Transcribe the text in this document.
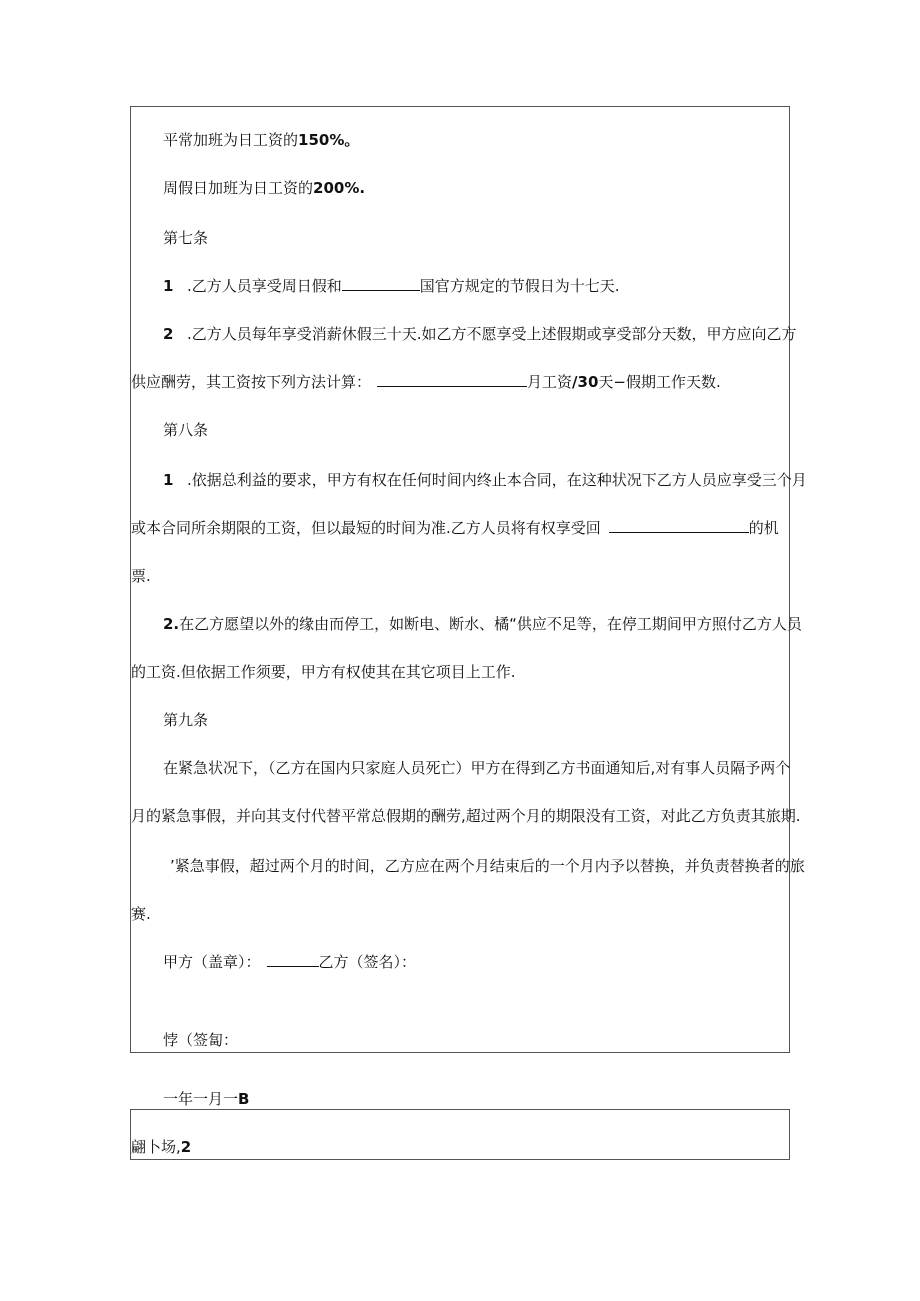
平常加班为日工资的150%。
周假日加班为日工资的200%.
第七条
1 .乙方人员享受周日假和	国官方规定的节假日为十七天.
2 .乙方人员每年享受消薪休假三十天.如乙方不愿享受上述假期或享受部分天数，甲方应向乙方
供应酬劳，其工资按下列方法计算：	月工资/30天−假期工作天数.
第八条
1 .依据总利益的要求，甲方有权在任何时间内终止本合同，在这种状况下乙方人员应享受三个月
或本合同所余期限的工资，但以最短的时间为准.乙方人员将有权享受回	的机
票.
2.在乙方愿望以外的缘由而停工，如断电、断水、橘“供应不足等，在停工期间甲方照付乙方人员
的工资.但依据工作须要，甲方有权使其在其它项目上工作.
第九条
在紧急状况下，（乙方在国内只家庭人员死亡）甲方在得到乙方书面通知后,对有事人员隔予两个
月的紧急事假，并向其支付代替平常总假期的酬劳,超过两个月的期限没有工资，对此乙方负责其旅期.
’紧急事假，超过两个月的时间，乙方应在两个月结束后的一个月内予以替换，并负责替换者的旅
赛.
甲方（盖章）：	乙方（签名）：
悖（签匐：
一年一月一B
翩卜场,2
